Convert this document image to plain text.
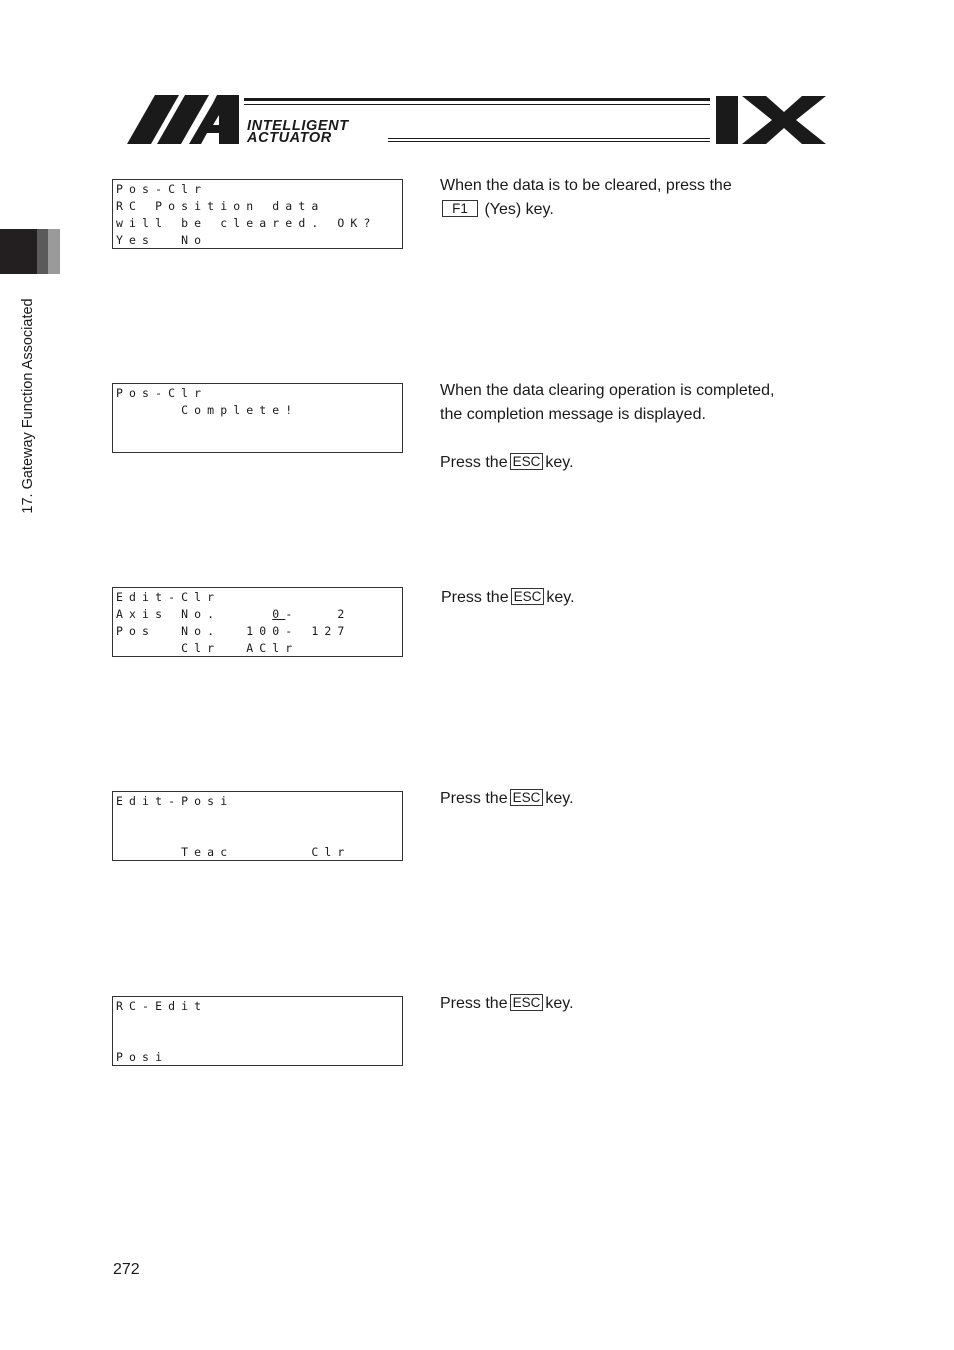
INTELLIGENT
ACTUATOR
17. Gateway Function Associated
Pos-Clr
RC Position data
will be cleared. OK?
Yes  No
When the data is to be cleared, press the
F1 (Yes) key.
Pos-Clr
Complete!
When the data clearing operation is completed,
the completion message is displayed.
Press the ESC key.
Edit-Clr
Axis No.    0-   2
Pos  No.  100- 127
Clr  AClr
Press the ESC key.
Edit-Posi
Teac      Clr
Press the ESC key.
RC-Edit
Posi
Press the ESC key.
272
